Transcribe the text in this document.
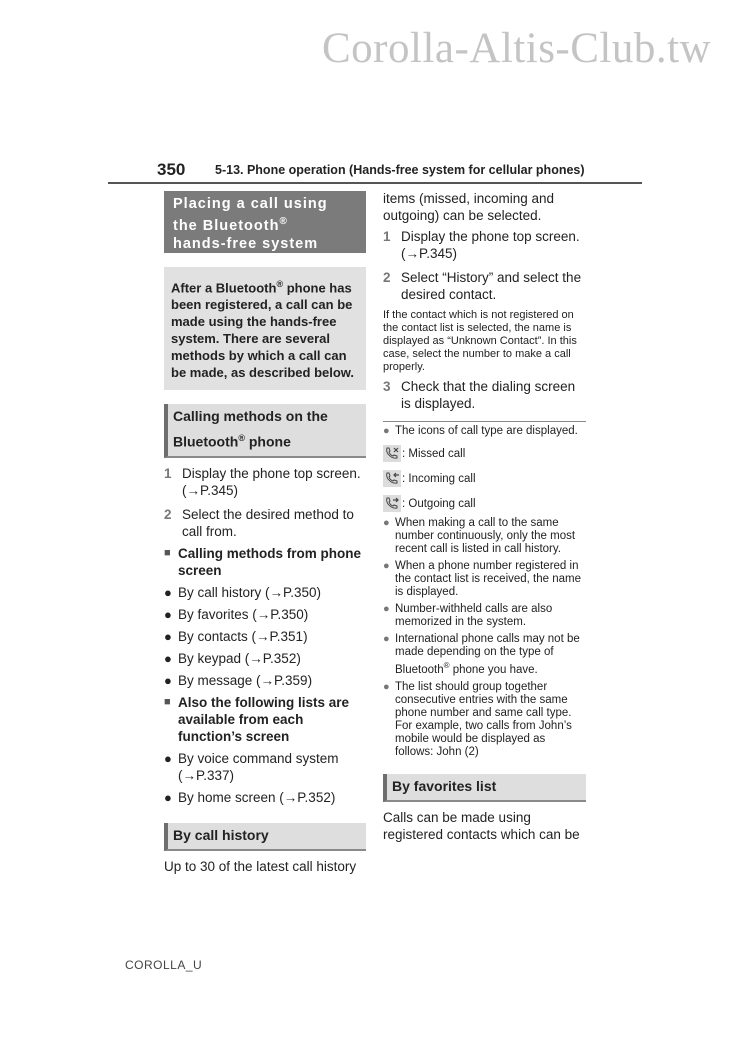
Corolla-Altis-Club.tw
350 5-13. Phone operation (Hands-free system for cellular phones)
Placing a call using
the Bluetooth®
hands-free system
After a Bluetooth® phone has been registered, a call can be made using the hands-free system. There are several methods by which a call can be made, as described below.
Calling methods on the
Bluetooth® phone
1 Display the phone top screen. (→P.345)
2 Select the desired method to call from.
■ Calling methods from phone screen
● By call history (→P.350)
● By favorites (→P.350)
● By contacts (→P.351)
● By keypad (→P.352)
● By message (→P.359)
■ Also the following lists are available from each function’s screen
● By voice command system (→P.337)
● By home screen (→P.352)
By call history
Up to 30 of the latest call history
items (missed, incoming and outgoing) can be selected.
1 Display the phone top screen. (→P.345)
2 Select “History” and select the desired contact.
If the contact which is not registered on the contact list is selected, the name is displayed as “Unknown Contact”. In this case, select the number to make a call properly.
3 Check that the dialing screen is displayed.
● The icons of call type are displayed.
: Missed call
: Incoming call
: Outgoing call
● When making a call to the same number continuously, only the most recent call is listed in call history.
● When a phone number registered in the contact list is received, the name is displayed.
● Number-withheld calls are also memorized in the system.
● International phone calls may not be made depending on the type of Bluetooth® phone you have.
● The list should group together consecutive entries with the same phone number and same call type. For example, two calls from John’s mobile would be displayed as follows: John (2)
By favorites list
Calls can be made using registered contacts which can be
COROLLA_U
